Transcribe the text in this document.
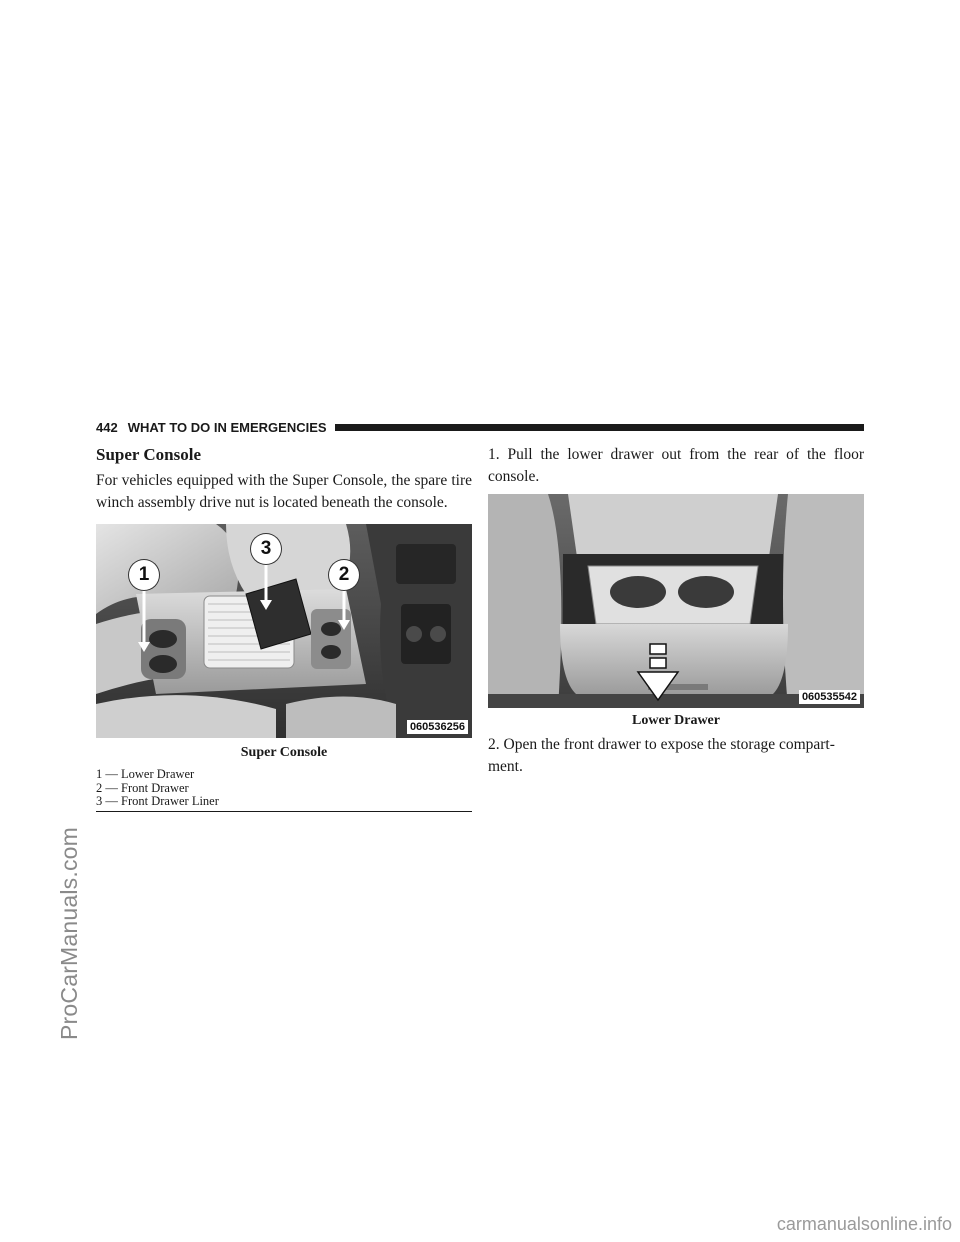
ProCarManuals.com
carmanualsonline.info
442 WHAT TO DO IN EMERGENCIES
Super Console

For vehicles equipped with the Super Console, the spare tire winch assembly drive nut is located beneath the console.

1
3
2
060536256
Super Console
1 — Lower Drawer
2 — Front Drawer
3 — Front Drawer Liner

1. Pull the lower drawer out from the rear of the floor console.

060535542
Lower Drawer

2. Open the front drawer to expose the storage compart-ment.
